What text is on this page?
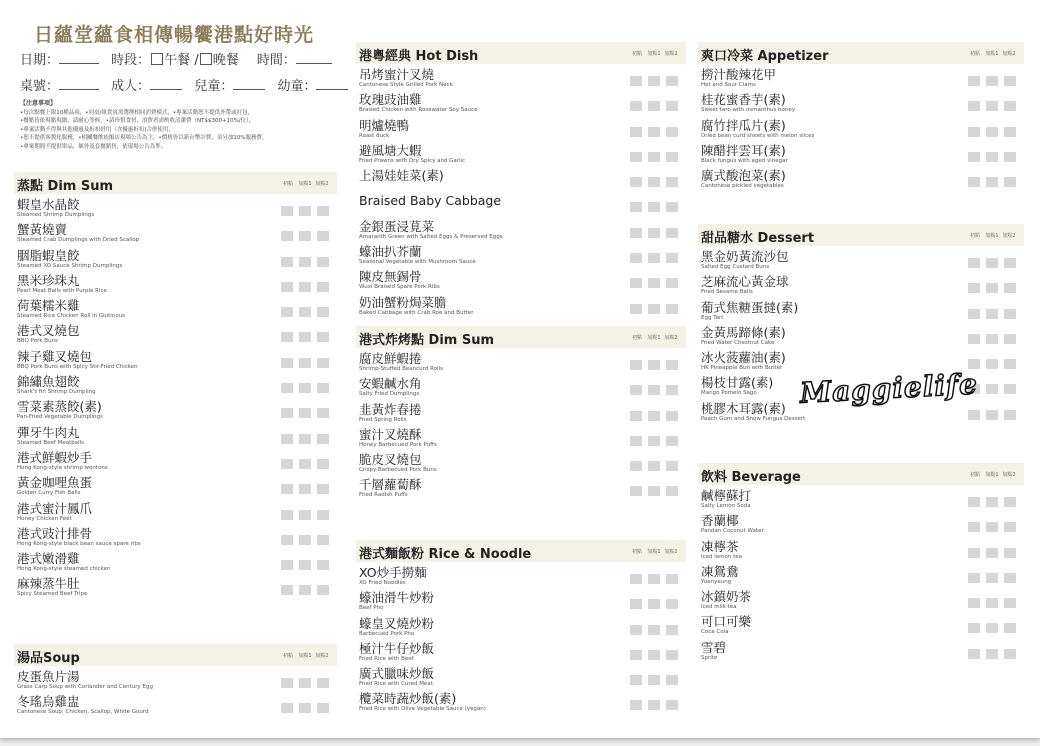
日蘊堂蘊食相傳暢饗港點好時光
日期：	時段： 午餐 / 晚餐 時間：
桌號：	成人：	兒童：	幼童：
【注意事項】
•每次點餐上限10種品項，•同桌/組貴賓需選擇相同消費模式，•專案活動恕不提供外帶或打包，
•餐點皆依現點現做，請耐心等候，•請珍惜食材，浪費者需酌收清潔費（NT$$300+10%/位），
•專案活動不得與其他優惠及折扣併用（含優惠折扣)合併使用，
•恕不提供客製化服務，•相關餐飲依飯店現場公告為主，•價格皆以新台幣計費，須另加10%服務費，
•專案期間不提供單品，額外及套餐銷售，依現場公告為準。
蒸點 Dim Sum	初點 加點1 加點2
蝦皇水晶餃
Steamed Shrimp Dumplings
蟹黃燒賣
Steamed Crab Dumplings with Dried Scallop
胭脂蝦皇餃
Steamed XO Sauce Shrimp Dumplings
黑米珍珠丸
Pearl Meat Balls with Purple Rice
荷葉糯米雞
Steamed Rice Chicken Roll in Glutinous
港式叉燒包
BBQ Pork Buns
辣子雞叉燒包
BBQ Pork Buns with Spicy Stir-Fried Chicken
錦繡魚翅餃
Shark's fin Shrimp Dumpling
雪菜素蒸餃(素)
Pan-Fried Vegetable Dumplings
彈牙牛肉丸
Steamed Beef Meatballs
港式鮮蝦炒手
Hong Kong-style shrimp wontons
黃金咖哩魚蛋
Golden Curry Fish Balls
港式蜜汁鳳爪
Honey Chicken Feet
港式豉汁排骨
Hong Kong-style black bean sauce spare ribs
港式嫩滑雞
Hong Kong-style steamed chicken
麻辣蒸牛肚
Spicy Steamed Beef Tripe
湯品Soup	初點 加點1 加點2
皮蛋魚片湯
Grass Carp Soup with Coriander and Century Egg
冬瑤烏雞盅
Cantonese Soup: Chicken, Scallop, White Gourd
港粵經典 Hot Dish	初點 加點1 加點2
吊烤蜜汁叉燒
Cantonese Style Grilled Pork Neck
玫瑰豉油雞
Braised Chicken with Rosewater Soy Sauce
明爐燒鴨
Roast duck
避風塘大蝦
Fried Prawns with Dry Spicy and Garlic
上湯娃娃菜(素)
Braised Baby Cabbage
金銀蛋浸莧菜
Amaranth Green with Salted Eggs & Preserved Eggs
蠔油扒芥蘭
Seasonal Vegetable with Mushroom Sauce
陳皮無錫骨
Wuxi Braised Spare Pork Ribs
奶油蟹粉焗菜膽
Baked Cabbage with Crab Roe and Butter
港式炸烤點 Dim Sum	初點 加點1 加點2
腐皮鮮蝦捲
Shrimp-Stuffed Beancurd Rolls
安蝦鹹水角
Salty Fried Dumplings
韭黃炸春捲
Fried Spring Rolls
蜜汁叉燒酥
Honey Barbecued Pork Puffs
脆皮叉燒包
Crispy Barbecued Pork Buns
千層蘿蔔酥
Fried Radish Puffs
港式麵飯粉 Rice & Noodle	初點 加點1 加點2
XO炒手撈麵
XO Fried Noodles
蠔油滑牛炒粉
Beef Pho
蠔皇叉燒炒粉
Barbecued Pork Pho
極汁牛仔炒飯
Fried Rice with Beef
廣式臘味炒飯
Fried Rice with Cured Meat
欖菜時蔬炒飯(素)
Fried Rice with Olive Vegetable Sauce (vegan)
爽口冷菜 Appetizer	初點 加點1 加點2
撈汁酸辣花甲
Hot and Sour Clams
桂花蜜香芋(素)
Sweet taro with osmanthus honey
腐竹拌瓜片(素)
Dried bean curd sheets with melon slices
陳醋拌雲耳(素)
Black fungus with aged vinegar
廣式酸泡菜(素)
Cantonese pickled vegetables
甜品糖水 Dessert	初點 加點1 加點2
黑金奶黃流沙包
Salted Egg Custard Buns
芝麻流心黃金球
Fried Sesame Balls
葡式焦糖蛋撻(素)
Egg Tart
金黃馬蹄條(素)
Fried Water Chestnut Cake
冰火菠蘿油(素)
HK Pineapple Bun with Butter
楊枝甘露(素)
Mango Pomelo Sago
桃膠木耳露(素)
Peach Gum and Snow Fungus Dessert
飲料 Beverage	初點 加點1 加點2
鹹檸蘇打
Salty Lemon Soda
香蘭椰
Pandan Coconut Water
凍檸茶
Iced lemon tea
凍鴛鴦
Yuenyeung
冰鎮奶茶
Iced milk tea
可口可樂
Coca Cola
雪碧
Sprite
Maggielife
